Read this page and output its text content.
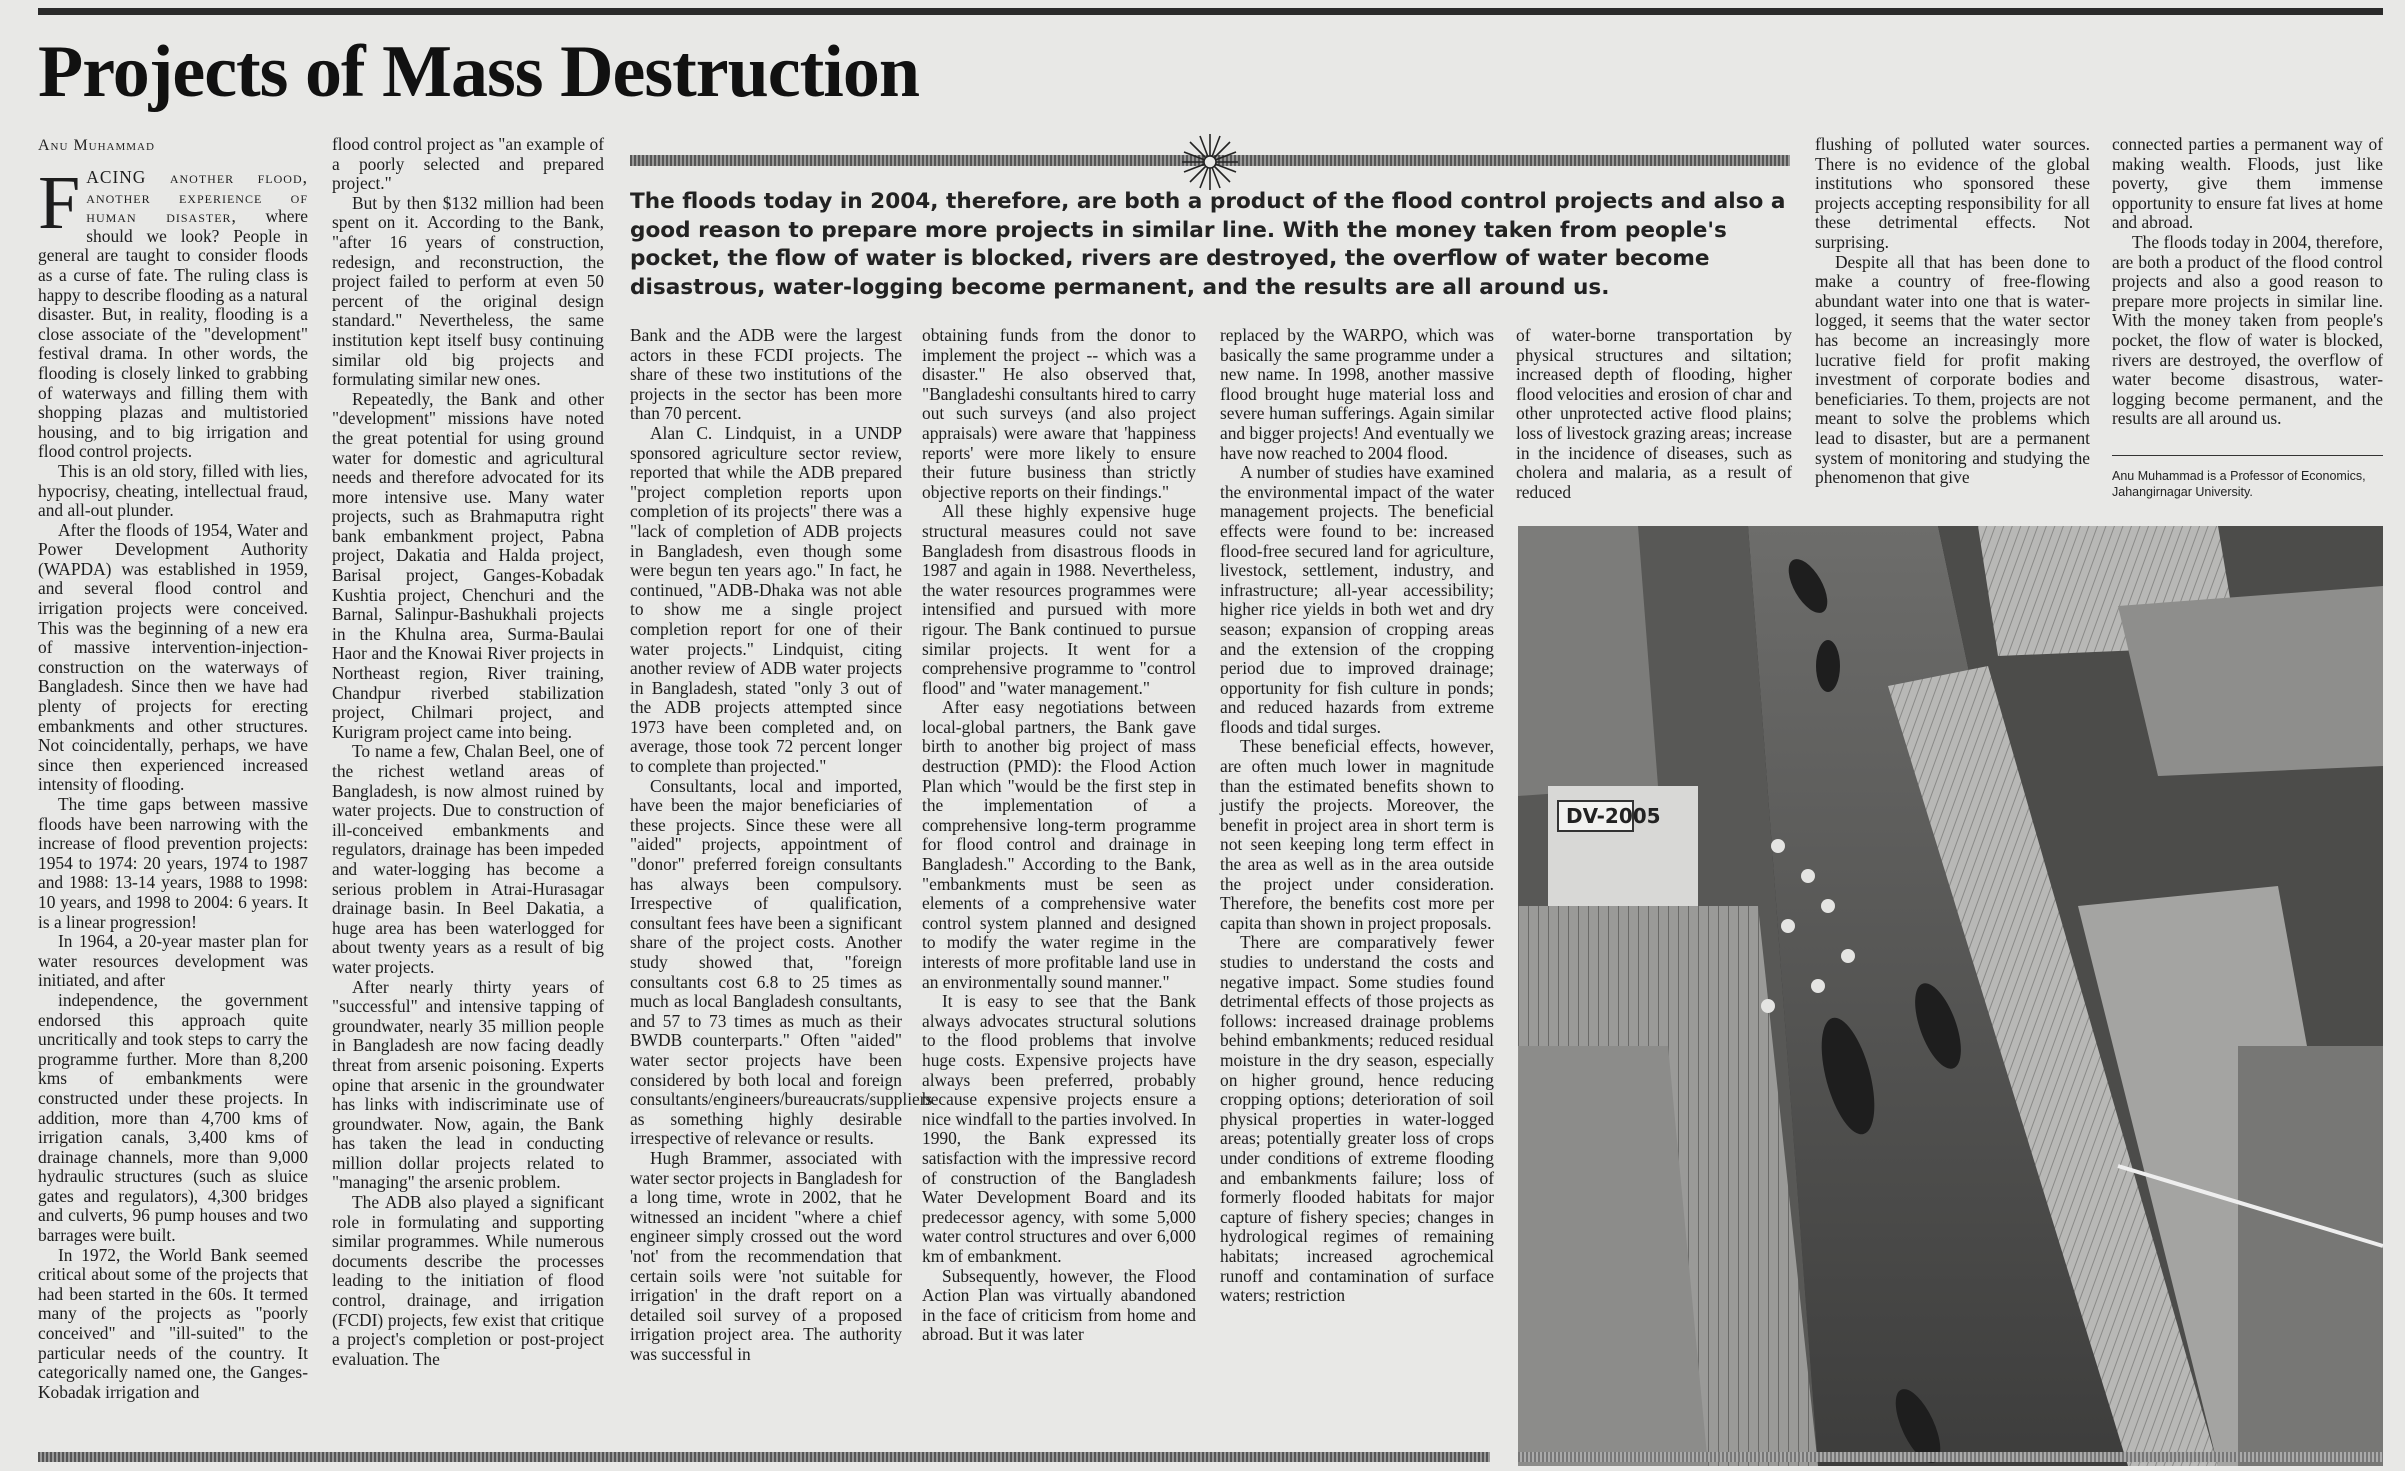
Projects of Mass Destruction
Anu Muhammad

FACING another flood, another experience of human disaster, where should we look? People in general are taught to consider floods as a curse of fate. The ruling class is happy to describe flooding as a natural disaster. But, in reality, flooding is a close associate of the "development" festival drama. In other words, the flooding is closely linked to grabbing of waterways and filling them with shopping plazas and multistoried housing, and to big irrigation and flood control projects.

This is an old story, filled with lies, hypocrisy, cheating, intellectual fraud, and all-out plunder.

After the floods of 1954, Water and Power Development Authority (WAPDA) was established in 1959, and several flood control and irrigation projects were conceived. This was the beginning of a new era of massive intervention-injection-construction on the waterways of Bangladesh. Since then we have had plenty of projects for erecting embankments and other structures. Not coincidentally, perhaps, we have since then experienced increased intensity of flooding.

The time gaps between massive floods have been narrowing with the increase of flood prevention projects: 1954 to 1974: 20 years, 1974 to 1987 and 1988: 13-14 years, 1988 to 1998: 10 years, and 1998 to 2004: 6 years. It is a linear progression!

In 1964, a 20-year master plan for water resources development was initiated, and after

independence, the government endorsed this approach quite uncritically and took steps to carry the programme further. More than 8,200 kms of embankments were constructed under these projects. In addition, more than 4,700 kms of irrigation canals, 3,400 kms of drainage channels, more than 9,000 hydraulic structures (such as sluice gates and regulators), 4,300 bridges and culverts, 96 pump houses and two barrages were built.

In 1972, the World Bank seemed critical about some of the projects that had been started in the 60s. It termed many of the projects as "poorly conceived" and "ill-suited" to the particular needs of the country. It categorically named one, the Ganges-Kobadak irrigation and

flood control project as "an example of a poorly selected and prepared project."

But by then $132 million had been spent on it. According to the Bank, "after 16 years of construction, redesign, and reconstruction, the project failed to perform at even 50 percent of the original design standard." Nevertheless, the same institution kept itself busy continuing similar old big projects and formulating similar new ones.

Repeatedly, the Bank and other "development" missions have noted the great potential for using ground water for domestic and agricultural needs and therefore advocated for its more intensive use. Many water projects, such as Brahmaputra right bank embankment project, Pabna project, Dakatia and Halda project, Barisal project, Ganges-Kobadak Kushtia project, Chenchuri and the Barnal, Salinpur-Bashukhali projects in the Khulna area, Surma-Baulai Haor and the Knowai River projects in Northeast region, River training, Chandpur riverbed stabilization project, Chilmari project, and Kurigram project came into being.

To name a few, Chalan Beel, one of the richest wetland areas of Bangladesh, is now almost ruined by water projects. Due to construction of ill-conceived embankments and regulators, drainage has been impeded and water-logging has become a serious problem in Atrai-Hurasagar drainage basin. In Beel Dakatia, a huge area has been waterlogged for about twenty years as a result of big water projects.

After nearly thirty years of "successful" and intensive tapping of groundwater, nearly 35 million people in Bangladesh are now facing deadly threat from arsenic poisoning. Experts opine that arsenic in the groundwater has links with indiscriminate use of groundwater. Now, again, the Bank has taken the lead in conducting million dollar projects related to "managing" the arsenic problem.

The ADB also played a significant role in formulating and supporting similar programmes. While numerous documents describe the processes leading to the initiation of flood control, drainage, and irrigation (FCDI) projects, few exist that critique a project's completion or post-project evaluation. The

The floods today in 2004, therefore, are both a product of the flood control projects and also a good reason to prepare more projects in similar line. With the money taken from people's pocket, the flow of water is blocked, rivers are destroyed, the overflow of water become disastrous, water-logging become permanent, and the results are all around us.

Bank and the ADB were the largest actors in these FCDI projects. The share of these two institutions of the projects in the sector has been more than 70 percent.

Alan C. Lindquist, in a UNDP sponsored agriculture sector review, reported that while the ADB prepared "project completion reports upon completion of its projects" there was a "lack of completion of ADB projects in Bangladesh, even though some were begun ten years ago." In fact, he continued, "ADB-Dhaka was not able to show me a single project completion report for one of their water projects." Lindquist, citing another review of ADB water projects in Bangladesh, stated "only 3 out of the ADB projects attempted since 1973 have been completed and, on average, those took 72 percent longer to complete than projected."

Consultants, local and imported, have been the major beneficiaries of these projects. Since these were all "aided" projects, appointment of "donor" preferred foreign consultants has always been compulsory. Irrespective of qualification, consultant fees have been a significant share of the project costs. Another study showed that, "foreign consultants cost 6.8 to 25 times as much as local Bangladesh consultants, and 57 to 73 times as much as their BWDB counterparts." Often "aided" water sector projects have been considered by both local and foreign consultants/engineers/bureaucrats/suppliers as something highly desirable irrespective of relevance or results.

Hugh Brammer, associated with water sector projects in Bangladesh for a long time, wrote in 2002, that he witnessed an incident "where a chief engineer simply crossed out the word 'not' from the recommendation that certain soils were 'not suitable for irrigation' in the draft report on a detailed soil survey of a proposed irrigation project area. The authority was successful in

obtaining funds from the donor to implement the project -- which was a disaster." He also observed that, "Bangladeshi consultants hired to carry out such surveys (and also project appraisals) were aware that 'happiness reports' were more likely to ensure their future business than strictly objective reports on their findings."

All these highly expensive huge structural measures could not save Bangladesh from disastrous floods in 1987 and again in 1988. Nevertheless, the water resources programmes were intensified and pursued with more rigour. The Bank continued to pursue similar projects. It went for a comprehensive programme to "control flood" and "water management."

After easy negotiations between local-global partners, the Bank gave birth to another big project of mass destruction (PMD): the Flood Action Plan which "would be the first step in the implementation of a comprehensive long-term programme for flood control and drainage in Bangladesh." According to the Bank, "embankments must be seen as elements of a comprehensive water control system planned and designed to modify the water regime in the interests of more profitable land use in an environmentally sound manner."

It is easy to see that the Bank always advocates structural solutions to the flood problems that involve huge costs. Expensive projects have always been preferred, probably because expensive projects ensure a nice windfall to the parties involved. In 1990, the Bank expressed its satisfaction with the impressive record of construction of the Bangladesh Water Development Board and its predecessor agency, with some 5,000 water control structures and over 6,000 km of embankment.

Subsequently, however, the Flood Action Plan was virtually abandoned in the face of criticism from home and abroad. But it was later

replaced by the WARPO, which was basically the same programme under a new name. In 1998, another massive flood brought huge material loss and severe human sufferings. Again similar and bigger projects! And eventually we have now reached to 2004 flood.

A number of studies have examined the environmental impact of the water management projects. The beneficial effects were found to be: increased flood-free secured land for agriculture, livestock, settlement, industry, and infrastructure; all-year accessibility; higher rice yields in both wet and dry season; expansion of cropping areas and the extension of the cropping period due to improved drainage; opportunity for fish culture in ponds; and reduced hazards from extreme floods and tidal surges.

These beneficial effects, however, are often much lower in magnitude than the estimated benefits shown to justify the projects. Moreover, the benefit in project area in short term is not seen keeping long term effect in the area as well as in the area outside the project under consideration. Therefore, the benefits cost more per capita than shown in project proposals.

There are comparatively fewer studies to understand the costs and negative impact. Some studies found detrimental effects of those projects as follows: increased drainage problems behind embankments; reduced residual moisture in the dry season, especially on higher ground, hence reducing cropping options; deterioration of soil physical properties in water-logged areas; potentially greater loss of crops under conditions of extreme flooding and embankments failure; loss of formerly flooded habitats for major capture of fishery species; changes in hydrological regimes of remaining habitats; increased agrochemical runoff and contamination of surface waters; restriction

of water-borne transportation by physical structures and siltation; increased depth of flooding, higher flood velocities and erosion of char and other unprotected active flood plains; loss of livestock grazing areas; increase in the incidence of diseases, such as cholera and malaria, as a result of reduced

flushing of polluted water sources. There is no evidence of the global institutions who sponsored these projects accepting responsibility for all these detrimental effects. Not surprising.

Despite all that has been done to make a country of free-flowing abundant water into one that is water-logged, it seems that the water sector has become an increasingly more lucrative field for profit making investment of corporate bodies and beneficiaries. To them, projects are not meant to solve the problems which lead to disaster, but are a permanent system of monitoring and studying the phenomenon that give

connected parties a permanent way of making wealth. Floods, just like poverty, give them immense opportunity to ensure fat lives at home and abroad.

The floods today in 2004, therefore, are both a product of the flood control projects and also a good reason to prepare more projects in similar line. With the money taken from people's pocket, the flow of water is blocked, rivers are destroyed, the overflow of water become disastrous, water-logging become permanent, and the results are all around us.

Anu Muhammad is a Professor of Economics, Jahangirnagar University.
DV-2005
